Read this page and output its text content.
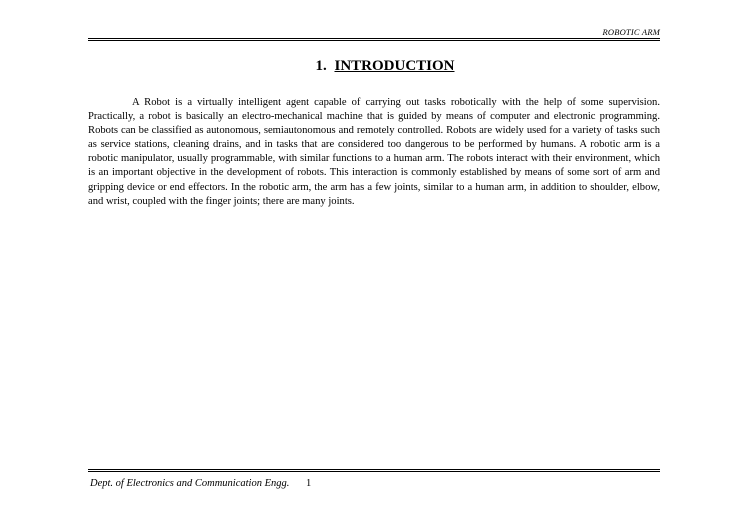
ROBOTIC ARM
1. INTRODUCTION

A Robot is a virtually intelligent agent capable of carrying out tasks robotically with the help of some supervision. Practically, a robot is basically an electro-mechanical machine that is guided by means of computer and electronic programming. Robots can be classified as autonomous, semiautonomous and remotely controlled. Robots are widely used for a variety of tasks such as service stations, cleaning drains, and in tasks that are considered too dangerous to be performed by humans. A robotic arm is a robotic manipulator, usually programmable, with similar functions to a human arm. The robots interact with their environment, which is an important objective in the development of robots. This interaction is commonly established by means of some sort of arm and gripping device or end effectors. In the robotic arm, the arm has a few joints, similar to a human arm, in addition to shoulder, elbow, and wrist, coupled with the finger joints; there are many joints.

Dept. of Electronics and Communication Engg. 1
